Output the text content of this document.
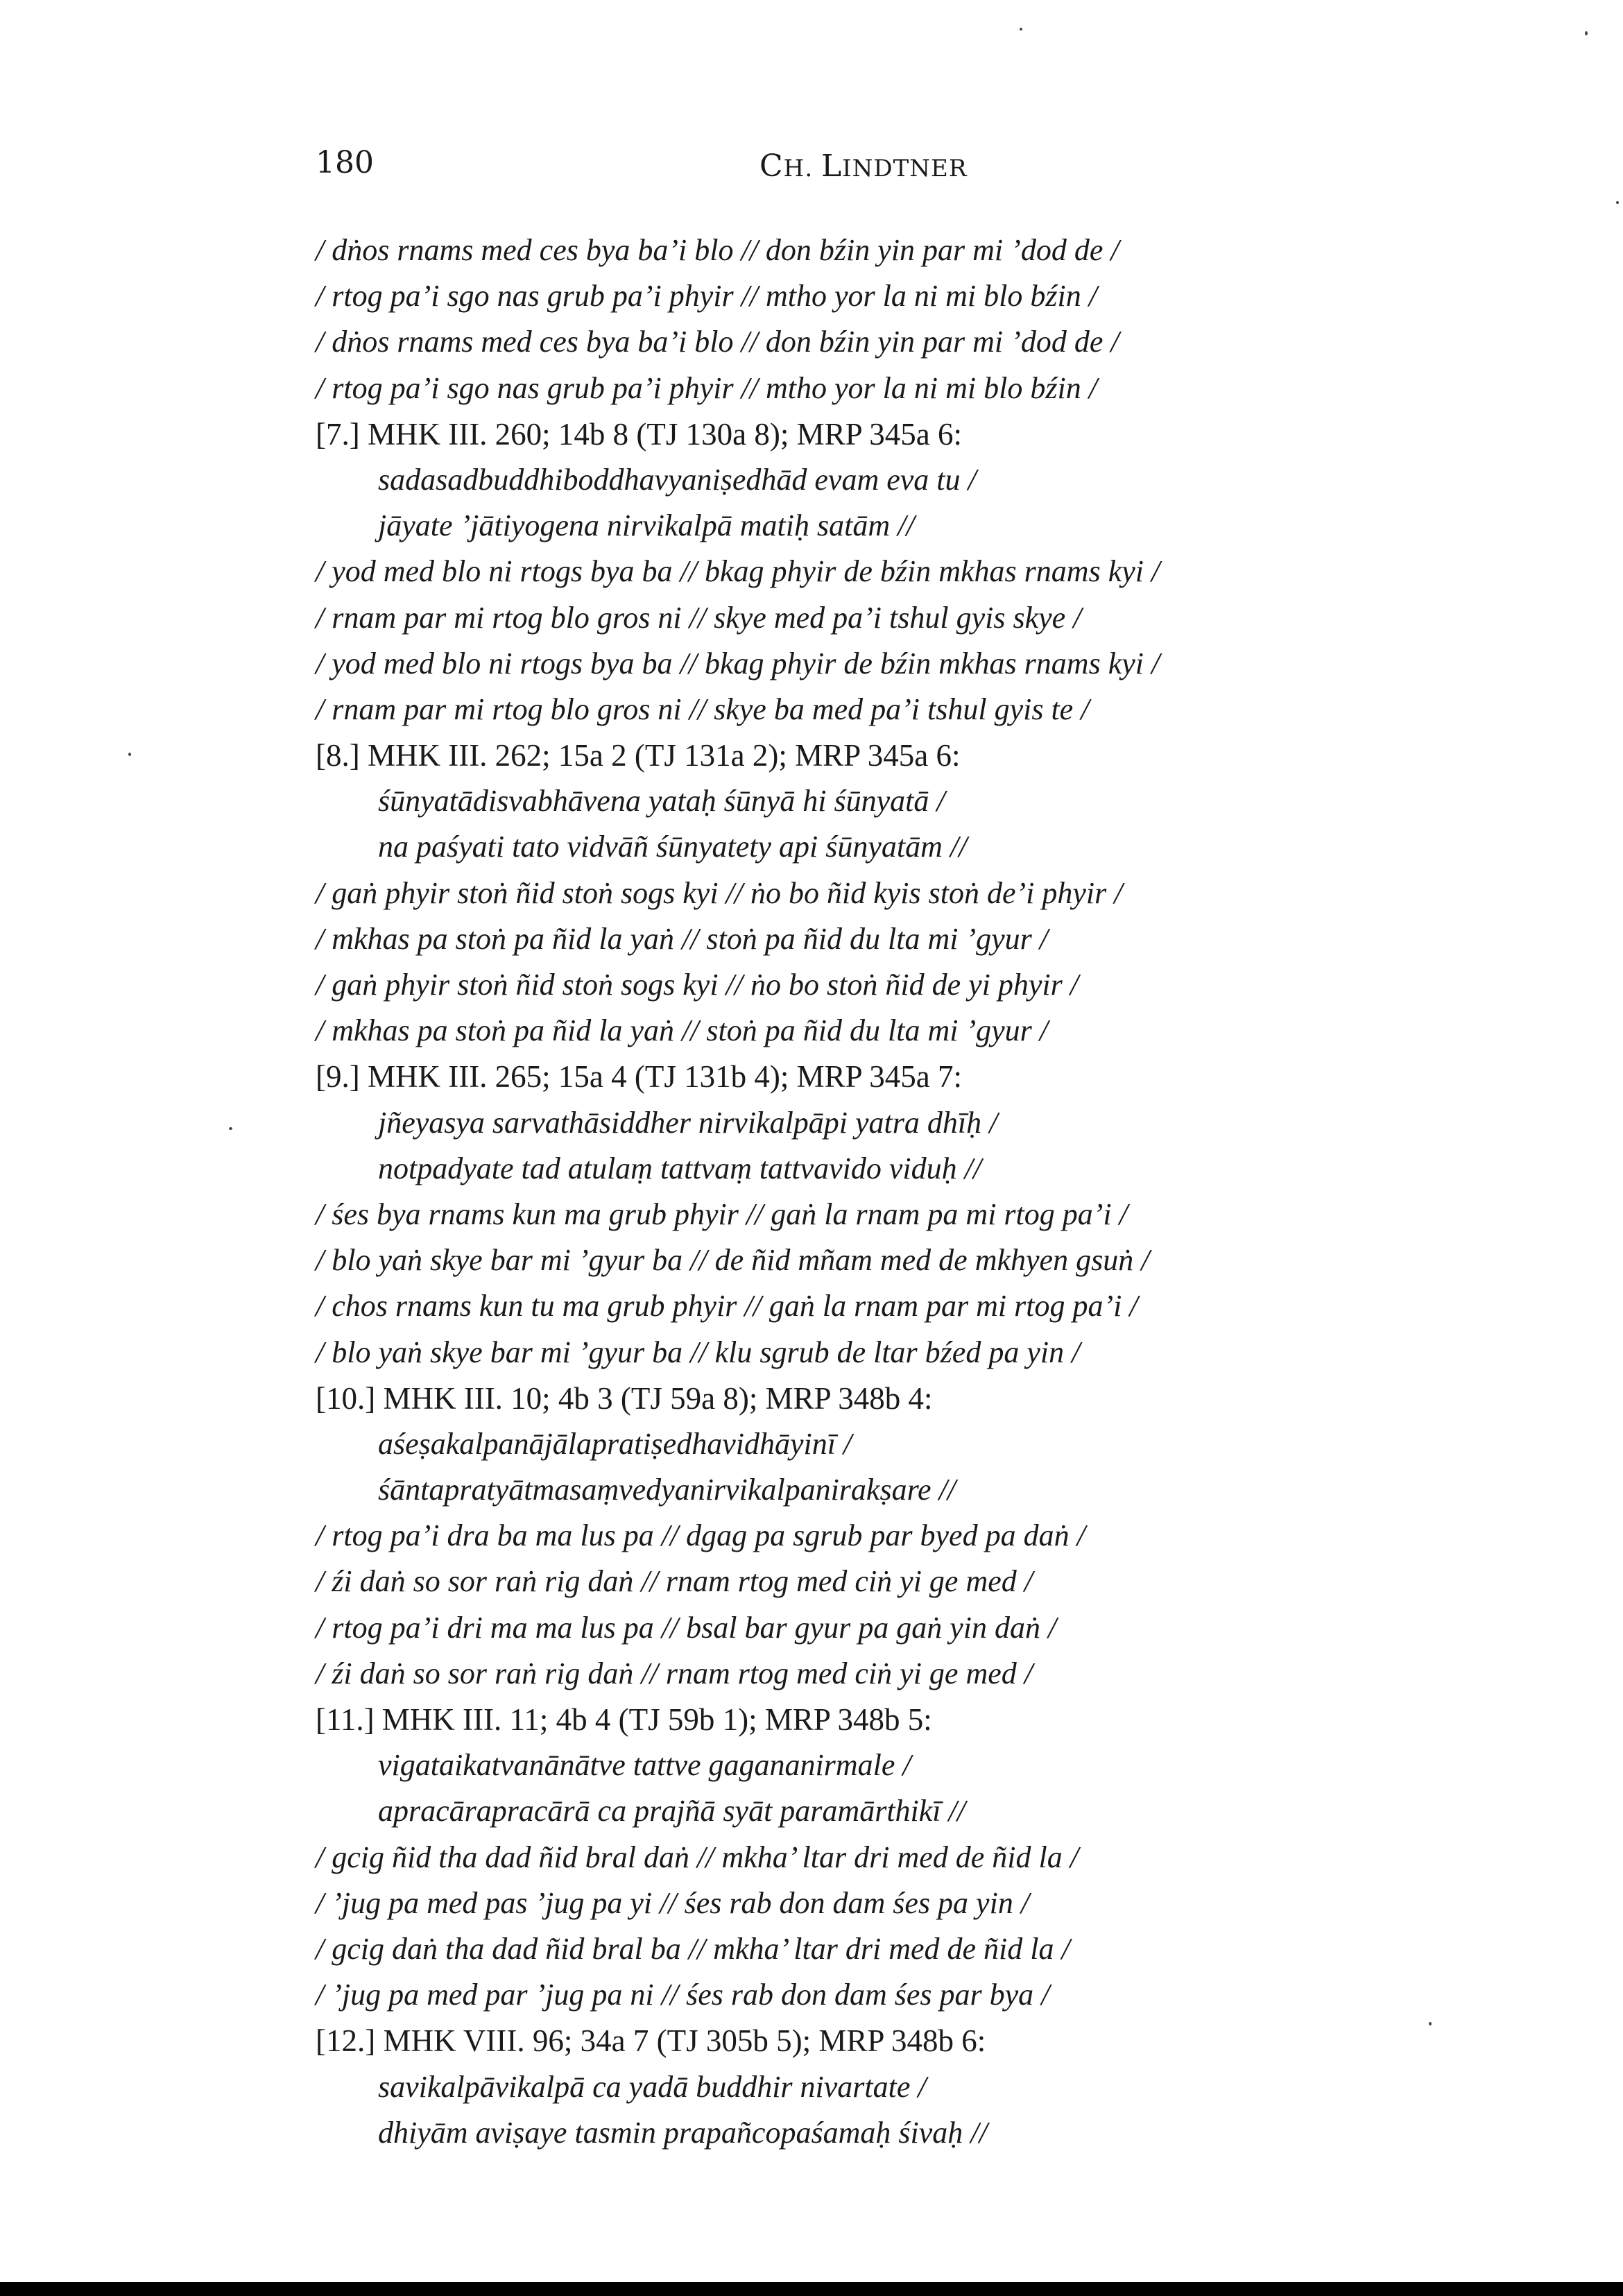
180	CH. LINDTNER
/ dṅos rnams med ces bya ba’i blo // don bźin yin par mi ’dod de /
/ rtog pa’i sgo nas grub pa’i phyir // mtho yor la ni mi blo bźin /
/ dṅos rnams med ces bya ba’i blo // don bźin yin par mi ’dod de /
/ rtog pa’i sgo nas grub pa’i phyir // mtho yor la ni mi blo bźin /
[7.] MHK III. 260; 14b 8 (TJ 130a 8); MRP 345a 6:
sadasadbuddhiboddhavyaniṣedhād evam eva tu /
jāyate ’jātiyogena nirvikalpā matiḥ satām //
/ yod med blo ni rtogs bya ba // bkag phyir de bźin mkhas rnams kyi /
/ rnam par mi rtog blo gros ni // skye med pa’i tshul gyis skye /
/ yod med blo ni rtogs bya ba // bkag phyir de bźin mkhas rnams kyi /
/ rnam par mi rtog blo gros ni // skye ba med pa’i tshul gyis te /
[8.] MHK III. 262; 15a 2 (TJ 131a 2); MRP 345a 6:
śūnyatādisvabhāvena yataḥ śūnyā hi śūnyatā /
na paśyati tato vidvāñ śūnyatety api śūnyatām //
/ gaṅ phyir stoṅ ñid stoṅ sogs kyi // ṅo bo ñid kyis stoṅ de’i phyir /
/ mkhas pa stoṅ pa ñid la yaṅ // stoṅ pa ñid du lta mi ’gyur /
/ gaṅ phyir stoṅ ñid stoṅ sogs kyi // ṅo bo stoṅ ñid de yi phyir /
/ mkhas pa stoṅ pa ñid la yaṅ // stoṅ pa ñid du lta mi ’gyur /
[9.] MHK III. 265; 15a 4 (TJ 131b 4); MRP 345a 7:
jñeyasya sarvathāsiddher nirvikalpāpi yatra dhīḥ /
notpadyate tad atulaṃ tattvaṃ tattvavido viduḥ //
/ śes bya rnams kun ma grub phyir // gaṅ la rnam pa mi rtog pa’i /
/ blo yaṅ skye bar mi ’gyur ba // de ñid mñam med de mkhyen gsuṅ /
/ chos rnams kun tu ma grub phyir // gaṅ la rnam par mi rtog pa’i /
/ blo yaṅ skye bar mi ’gyur ba // klu sgrub de ltar bźed pa yin /
[10.] MHK III. 10; 4b 3 (TJ 59a 8); MRP 348b 4:
aśeṣakalpanājālapratiṣedhavidhāyinī /
śāntapratyātmasaṃvedyanirvikalpanirakṣare //
/ rtog pa’i dra ba ma lus pa // dgag pa sgrub par byed pa daṅ /
/ źi daṅ so sor raṅ rig daṅ // rnam rtog med ciṅ yi ge med /
/ rtog pa’i dri ma ma lus pa // bsal bar gyur pa gaṅ yin daṅ /
/ źi daṅ so sor raṅ rig daṅ // rnam rtog med ciṅ yi ge med /
[11.] MHK III. 11; 4b 4 (TJ 59b 1); MRP 348b 5:
vigataikatvanānātve tattve gagananirmale /
apracārapracārā ca prajñā syāt paramārthikī //
/ gcig ñid tha dad ñid bral daṅ // mkha’ ltar dri med de ñid la /
/ ’jug pa med pas ’jug pa yi // śes rab don dam śes pa yin /
/ gcig daṅ tha dad ñid bral ba // mkha’ ltar dri med de ñid la /
/ ’jug pa med par ’jug pa ni // śes rab don dam śes par bya /
[12.] MHK VIII. 96; 34a 7 (TJ 305b 5); MRP 348b 6:
savikalpāvikalpā ca yadā buddhir nivartate /
dhiyām aviṣaye tasmin prapañcopaśamaḥ śivaḥ //
